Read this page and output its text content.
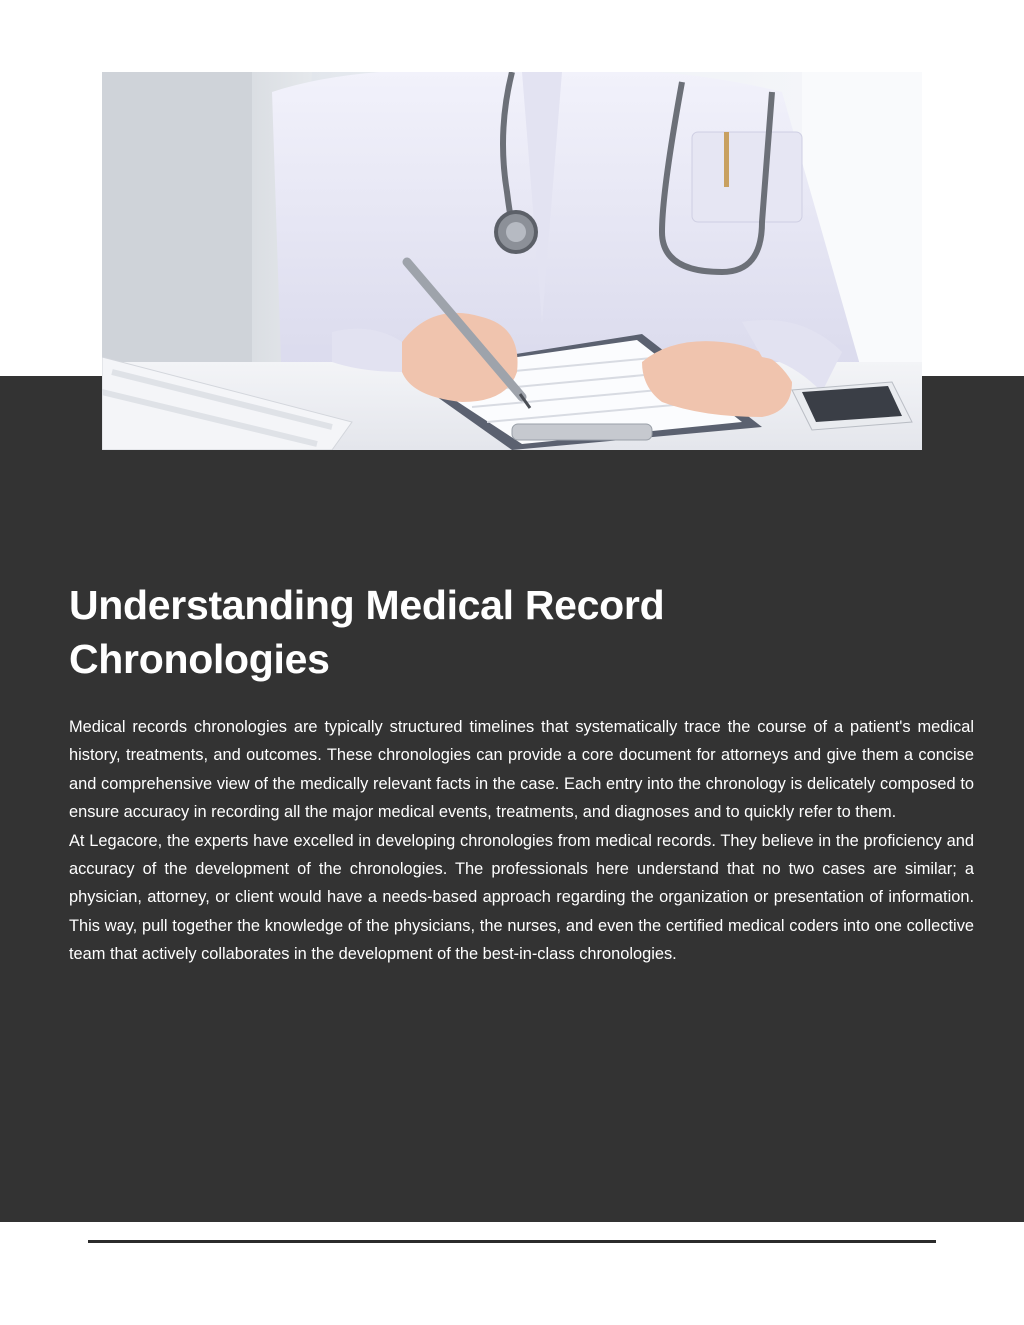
Understanding Medical Record Chronologies

Medical records chronologies are typically structured timelines that systematically trace the course of a patient's medical history, treatments, and outcomes. These chronologies can provide a core document for attorneys and give them a concise and comprehensive view of the medically relevant facts in the case. Each entry into the chronology is delicately composed to ensure accuracy in recording all the major medical events, treatments, and diagnoses and to quickly refer to them.

At Legacore, the experts have excelled in developing chronologies from medical records. They believe in the proficiency and accuracy of the development of the chronologies. The professionals here understand that no two cases are similar; a physician, attorney, or client would have a needs-based approach regarding the organization or presentation of information. This way, pull together the knowledge of the physicians, the nurses, and even the certified medical coders into one collective team that actively collaborates in the development of the best-in-class chronologies.
